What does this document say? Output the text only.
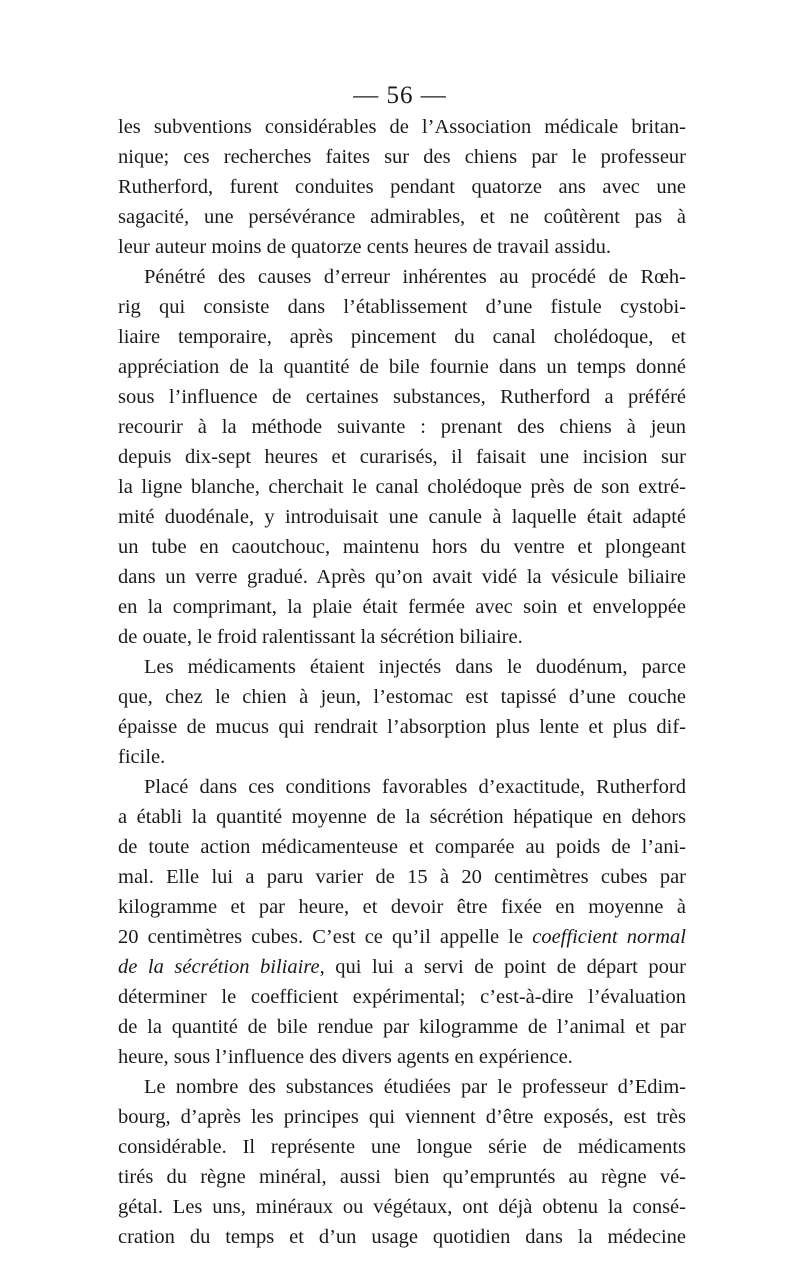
— 56 —
les subventions considérables de l’Association médicale britan-
nique; ces recherches faites sur des chiens par le professeur
Rutherford, furent conduites pendant quatorze ans avec une
sagacité, une persévérance admirables, et ne coûtèrent pas à
leur auteur moins de quatorze cents heures de travail assidu.
Pénétré des causes d’erreur inhérentes au procédé de Rœh-
rig qui consiste dans l’établissement d’une fistule cystobi-
liaire temporaire, après pincement du canal cholédoque, et
appréciation de la quantité de bile fournie dans un temps donné
sous l’influence de certaines substances, Rutherford a préféré
recourir à la méthode suivante : prenant des chiens à jeun
depuis dix-sept heures et curarisés, il faisait une incision sur
la ligne blanche, cherchait le canal cholédoque près de son extré-
mité duodénale, y introduisait une canule à laquelle était adapté
un tube en caoutchouc, maintenu hors du ventre et plongeant
dans un verre gradué. Après qu’on avait vidé la vésicule biliaire
en la comprimant, la plaie était fermée avec soin et enveloppée
de ouate, le froid ralentissant la sécrétion biliaire.
Les médicaments étaient injectés dans le duodénum, parce
que, chez le chien à jeun, l’estomac est tapissé d’une couche
épaisse de mucus qui rendrait l’absorption plus lente et plus dif-
ficile.
Placé dans ces conditions favorables d’exactitude, Rutherford
a établi la quantité moyenne de la sécrétion hépatique en dehors
de toute action médicamenteuse et comparée au poids de l’ani-
mal. Elle lui a paru varier de 15 à 20 centimètres cubes par
kilogramme et par heure, et devoir être fixée en moyenne à
20 centimètres cubes. C’est ce qu’il appelle le coefficient normal
de la sécrétion biliaire, qui lui a servi de point de départ pour
déterminer le coefficient expérimental; c’est-à-dire l’évaluation
de la quantité de bile rendue par kilogramme de l’animal et par
heure, sous l’influence des divers agents en expérience.
Le nombre des substances étudiées par le professeur d’Edim-
bourg, d’après les principes qui viennent d’être exposés, est très
considérable. Il représente une longue série de médicaments
tirés du règne minéral, aussi bien qu’empruntés au règne vé-
gétal. Les uns, minéraux ou végétaux, ont déjà obtenu la consé-
cration du temps et d’un usage quotidien dans la médecine
